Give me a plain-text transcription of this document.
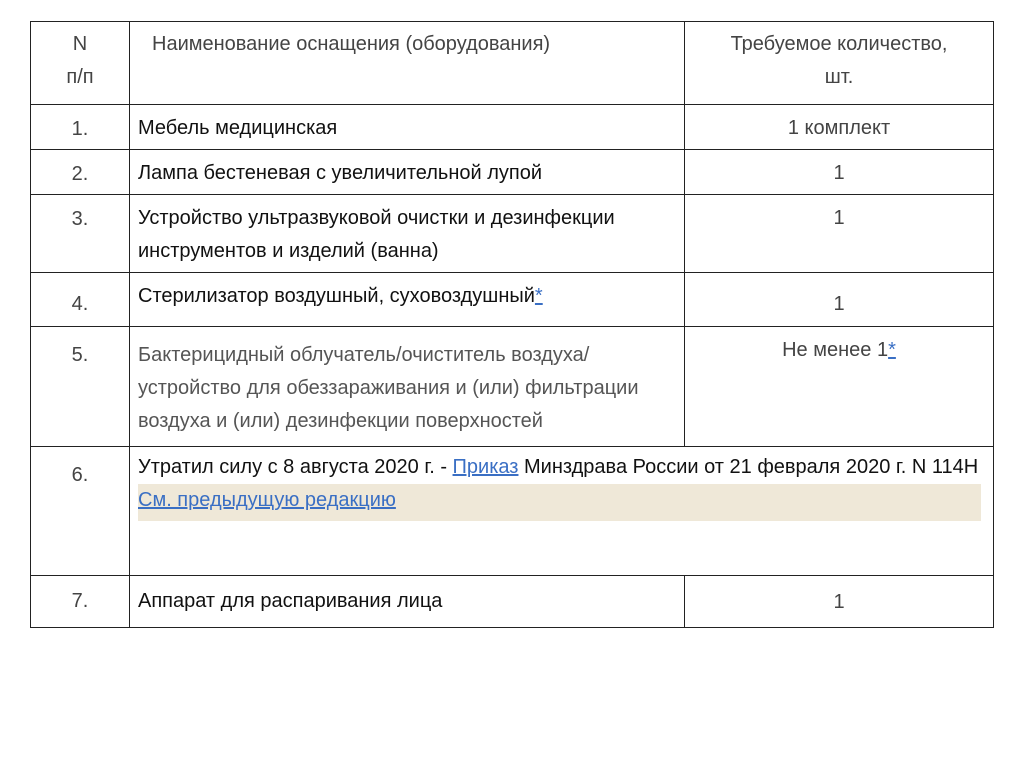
N
п/п
	Наименование оснащения (оборудования)	Требуемое количество,
шт.

1.	Мебель медицинская	1 комплект
2.	Лампа бестеневая с увеличительной лупой	1
3.	Устройство ультразвуковой очистки и дезинфекции инструментов и изделий (ванна)	1
4.	Стерилизатор воздушный, суховоздушный*	1
5.	Бактерицидный облучатель/очиститель воздуха/устройство для обеззараживания и (или) фильтрации воздуха и (или) дезинфекции поверхностей	Не менее 1*
6.	Утратил силу с 8 августа 2020 г. - Приказ Минздрава России от 21 февраля 2020 г. N 114Н
См. предыдущую редакцию	

7.	Аппарат для распаривания лица	1
